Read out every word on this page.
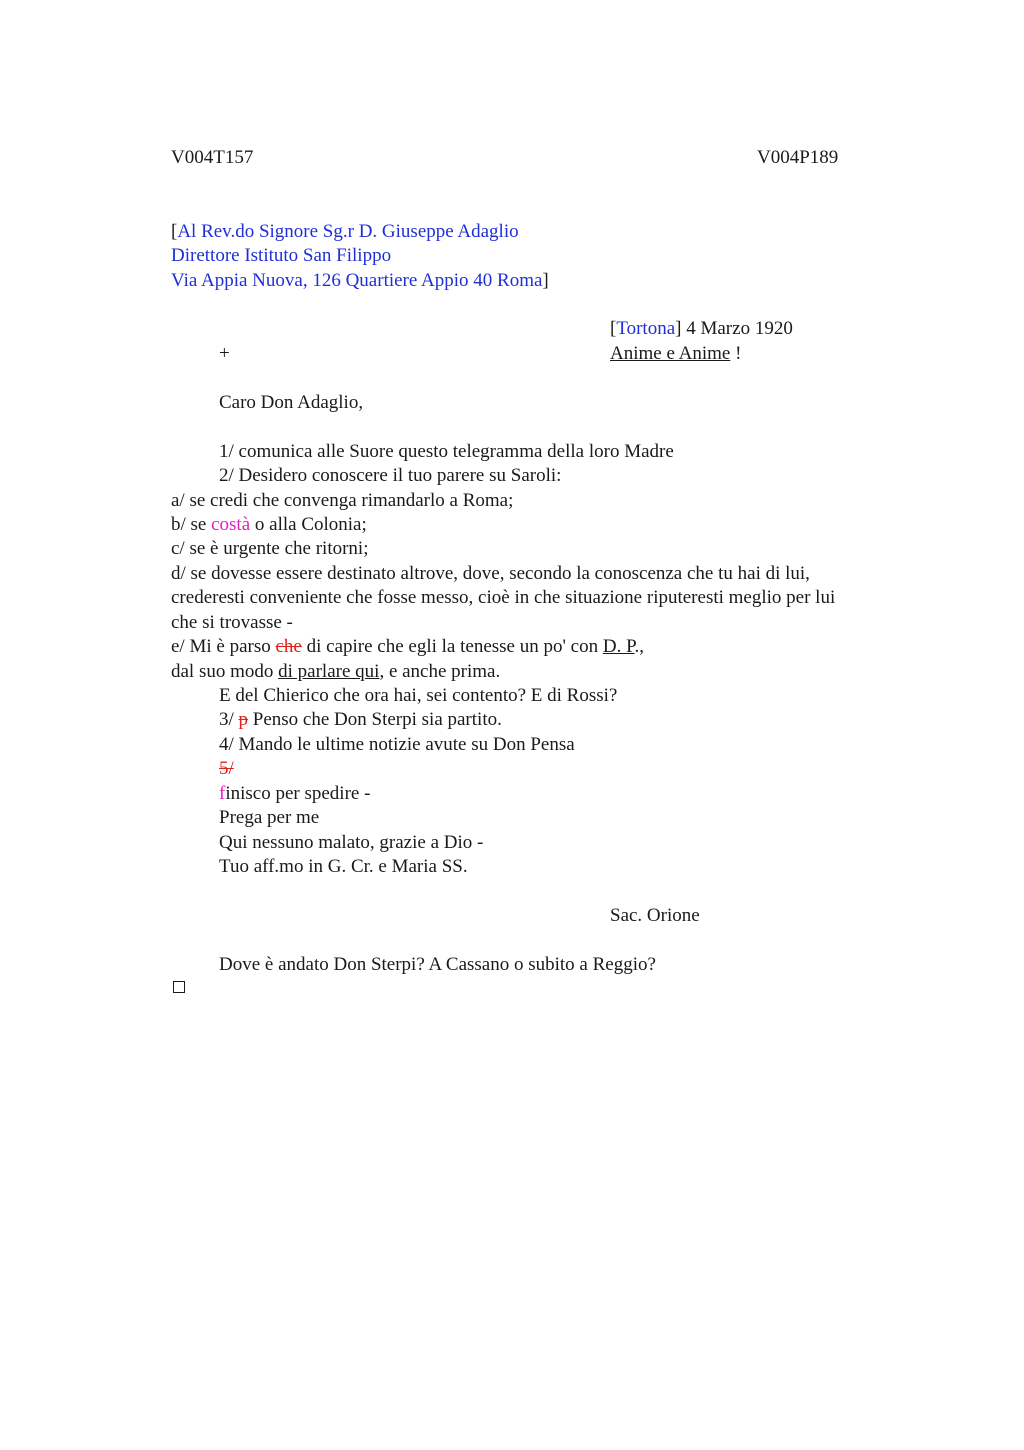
V004T157	V004P189
[Al Rev.do Signore Sg.r D. Giuseppe Adaglio
Direttore Istituto San Filippo
Via Appia Nuova, 126 Quartiere Appio 40 Roma]
[Tortona] 4 Marzo 1920
+	Anime e Anime !
Caro Don Adaglio,
1/ comunica alle Suore questo telegramma della loro Madre
2/ Desidero conoscere il tuo parere su Saroli:
a/ se credi che convenga rimandarlo a Roma;
b/ se costà o alla Colonia;
c/ se è urgente che ritorni;
d/ se dovesse essere destinato altrove, dove, secondo la conoscenza che tu hai di lui,
crederesti conveniente che fosse messo, cioè in che situazione riputeresti meglio per lui
che si trovasse -
e/ Mi è parso che di capire che egli la tenesse un po' con D. P.,
dal suo modo di parlare qui, e anche prima.
E del Chierico che ora hai, sei contento? E di Rossi?
3/ p Penso che Don Sterpi sia partito.
4/ Mando le ultime notizie avute su Don Pensa
5/
finisco per spedire -
Prega per me
Qui nessuno malato, grazie a Dio -
Tuo aff.mo in G. Cr. e Maria SS.
Sac. Orione
Dove è andato Don Sterpi? A Cassano o subito a Reggio?
